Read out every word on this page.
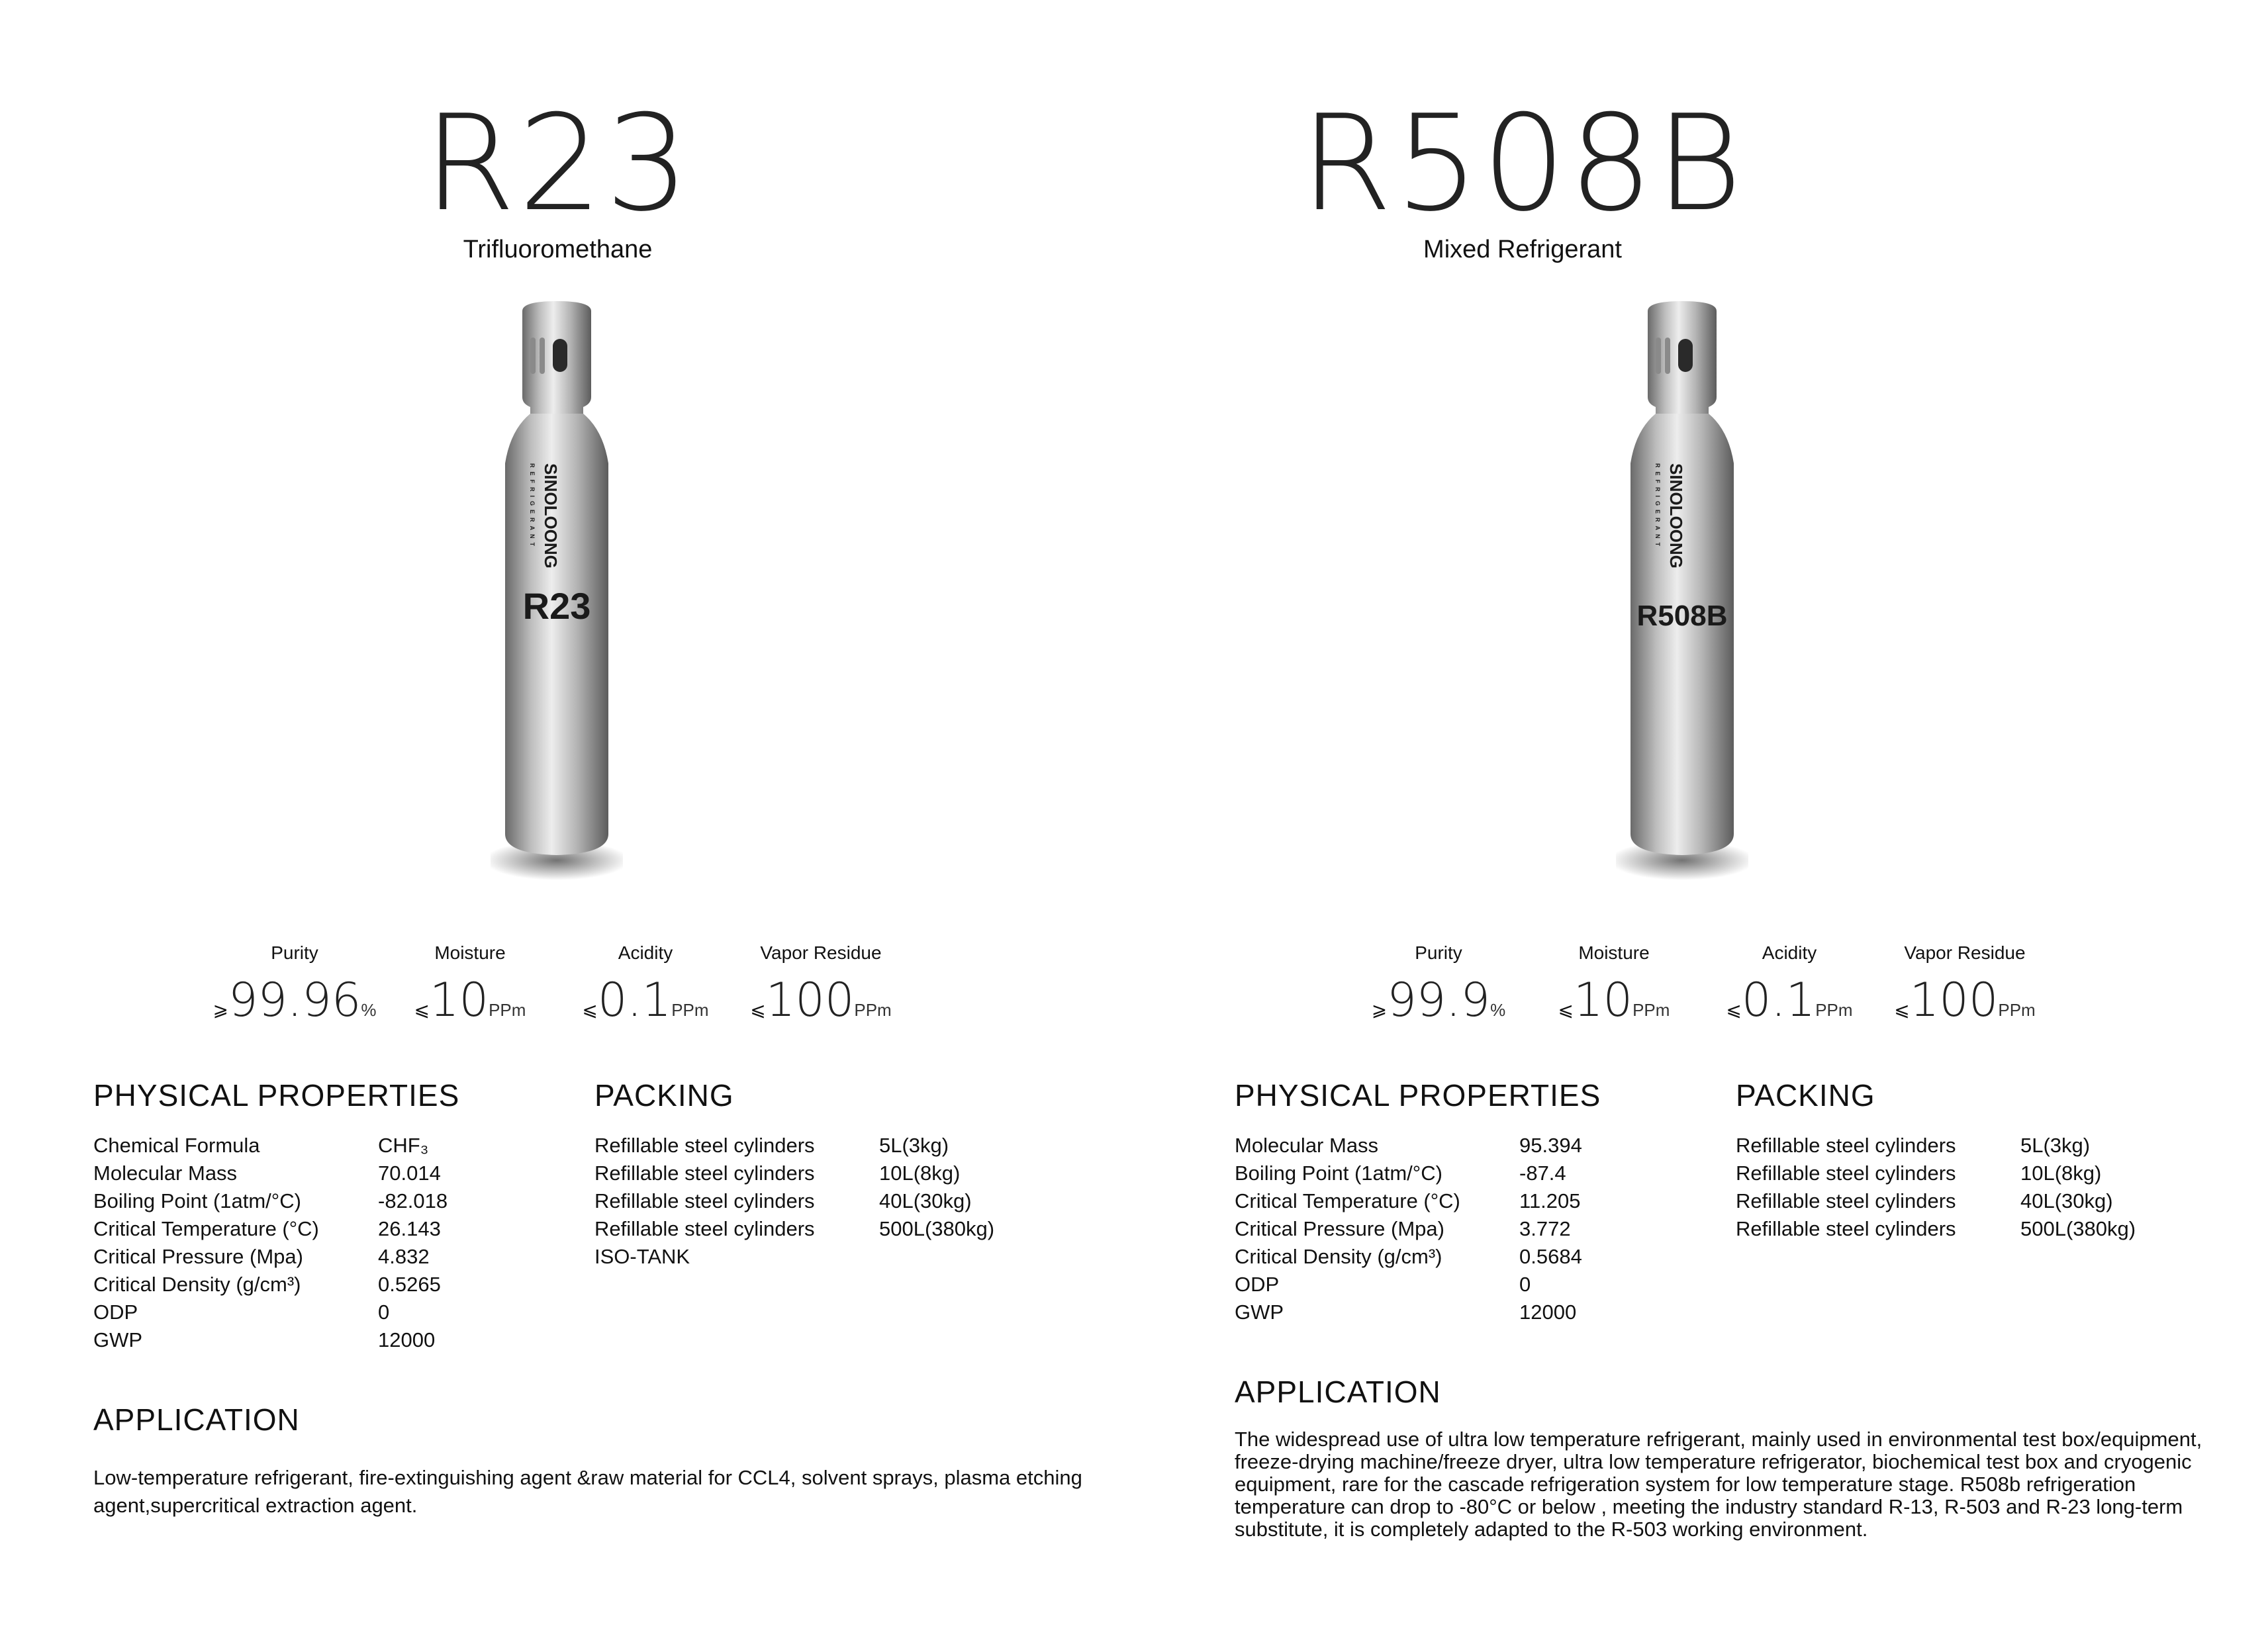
R23
Trifluoromethane
SINOLOONG
REFRIGERANT
R23
Purity
⩾99.96%
Moisture
⩽10PPm
Acidity
⩽0.1PPm
Vapor Residue
⩽100PPm
PHYSICAL PROPERTIES
Chemical Formula	CHF₃
Molecular Mass	70.014
Boiling Point (1atm/°C)	-82.018
Critical Temperature (°C)	26.143
Critical Pressure (Mpa)	4.832
Critical Density (g/cm³)	0.5265
ODP	0
GWP	12000
PACKING
Refillable steel cylinders	5L(3kg)
Refillable steel cylinders	10L(8kg)
Refillable steel cylinders	40L(30kg)
Refillable steel cylinders	500L(380kg)
ISO-TANK
APPLICATION
Low-temperature refrigerant, fire-extinguishing agent &raw material for CCL4, solvent sprays, plasma etching
agent,supercritical extraction agent.
R508B
Mixed Refrigerant
SINOLOONG
REFRIGERANT
R508B
Purity
⩾99.9%
Moisture
⩽10PPm
Acidity
⩽0.1PPm
Vapor Residue
⩽100PPm
PHYSICAL PROPERTIES
Molecular Mass	95.394
Boiling Point (1atm/°C)	-87.4
Critical Temperature (°C)	11.205
Critical Pressure (Mpa)	3.772
Critical Density (g/cm³)	0.5684
ODP	0
GWP	12000
PACKING
Refillable steel cylinders	5L(3kg)
Refillable steel cylinders	10L(8kg)
Refillable steel cylinders	40L(30kg)
Refillable steel cylinders	500L(380kg)
APPLICATION
The widespread use of ultra low temperature refrigerant, mainly used in environmental test box/equipment,
freeze-drying machine/freeze dryer, ultra low temperature refrigerator, biochemical test box and cryogenic
equipment, rare for the cascade refrigeration system for low temperature stage. R508b refrigeration
temperature can drop to -80°C or below , meeting the industry standard R-13, R-503 and R-23 long-term
substitute, it is completely adapted to the R-503 working environment.
